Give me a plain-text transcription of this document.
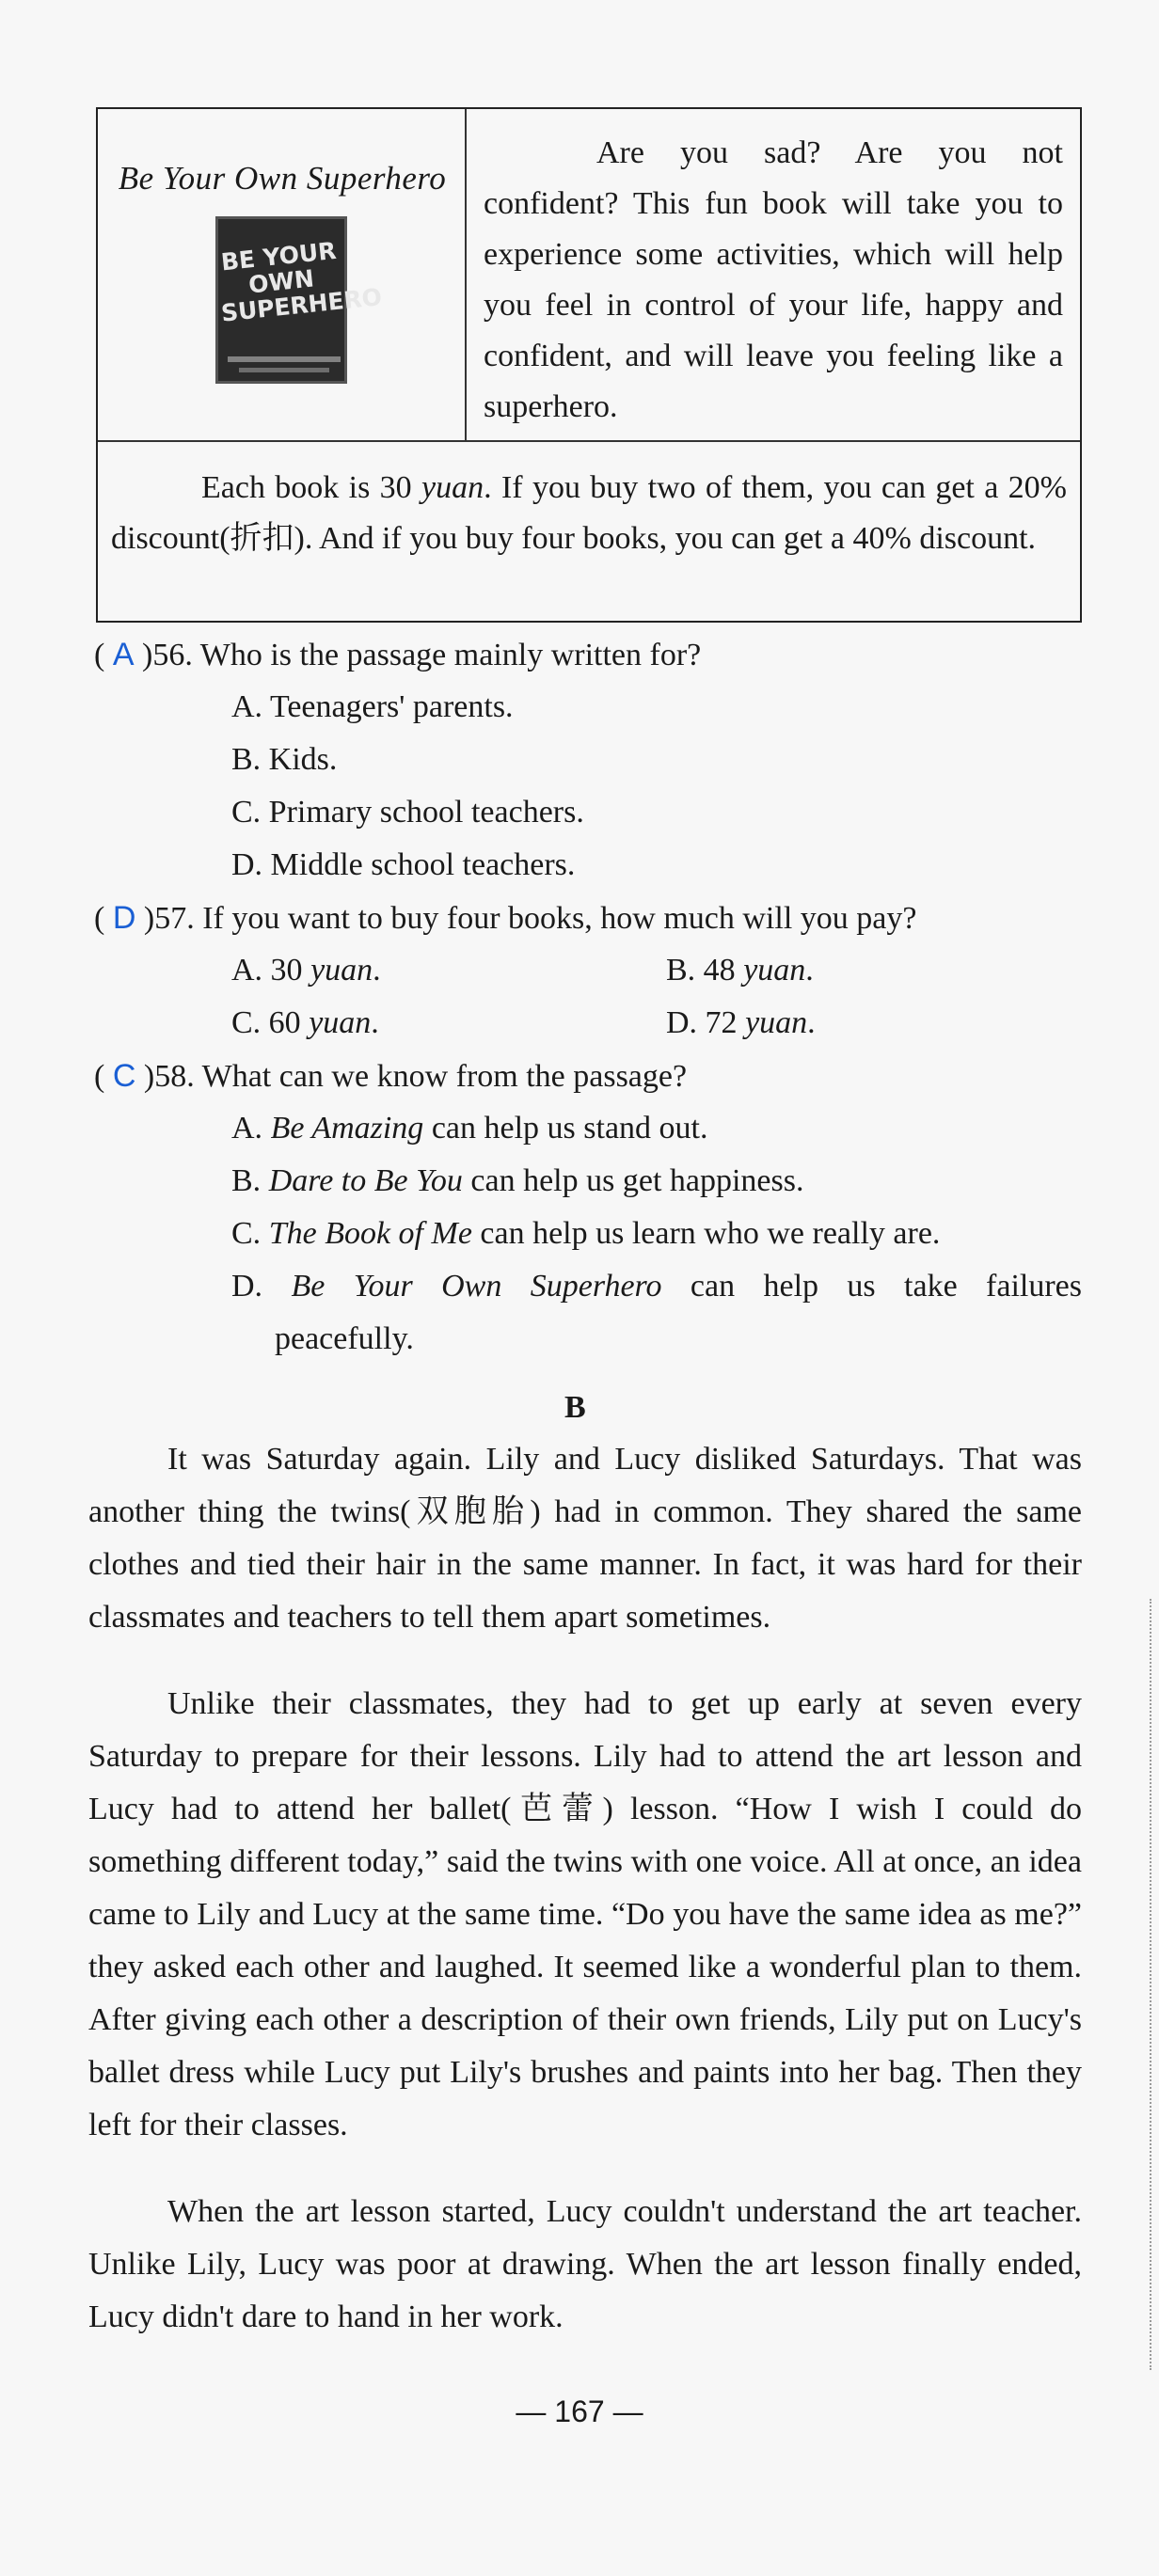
Be Your Own Superhero
BE YOUR OWN SUPERHERO

Are you sad? Are you not confident? This fun book will take you to experience some activities, which will help you feel in control of your life, happy and confident, and will leave you feeling like a superhero.

Each book is 30 yuan. If you buy two of them, you can get a 20% discount(折扣). And if you buy four books, you can get a 40% discount.

( A )56. Who is the passage mainly written for?
A. Teenagers' parents.
B. Kids.
C. Primary school teachers.
D. Middle school teachers.
( D )57. If you want to buy four books, how much will you pay?
A. 30 yuan.	B. 48 yuan.
C. 60 yuan.	D. 72 yuan.
( C )58. What can we know from the passage?
A. Be Amazing can help us stand out.
B. Dare to Be You can help us get happiness.
C. The Book of Me can help us learn who we really are.
D. Be Your Own Superhero can help us take failures
peacefully.
B

It was Saturday again. Lily and Lucy disliked Saturdays. That was another thing the twins(双胞胎) had in common. They shared the same clothes and tied their hair in the same manner. In fact, it was hard for their classmates and teachers to tell them apart sometimes.

Unlike their classmates, they had to get up early at seven every Saturday to prepare for their lessons. Lily had to attend the art lesson and Lucy had to attend her ballet(芭蕾) lesson. “How I wish I could do something different today,” said the twins with one voice. All at once, an idea came to Lily and Lucy at the same time. “Do you have the same idea as me?” they asked each other and laughed. It seemed like a wonderful plan to them. After giving each other a description of their own friends, Lily put on Lucy's ballet dress while Lucy put Lily's brushes and paints into her bag. Then they left for their classes.

When the art lesson started, Lucy couldn't understand the art teacher. Unlike Lily, Lucy was poor at drawing. When the art lesson finally ended, Lucy didn't dare to hand in her work.

— 167 —
